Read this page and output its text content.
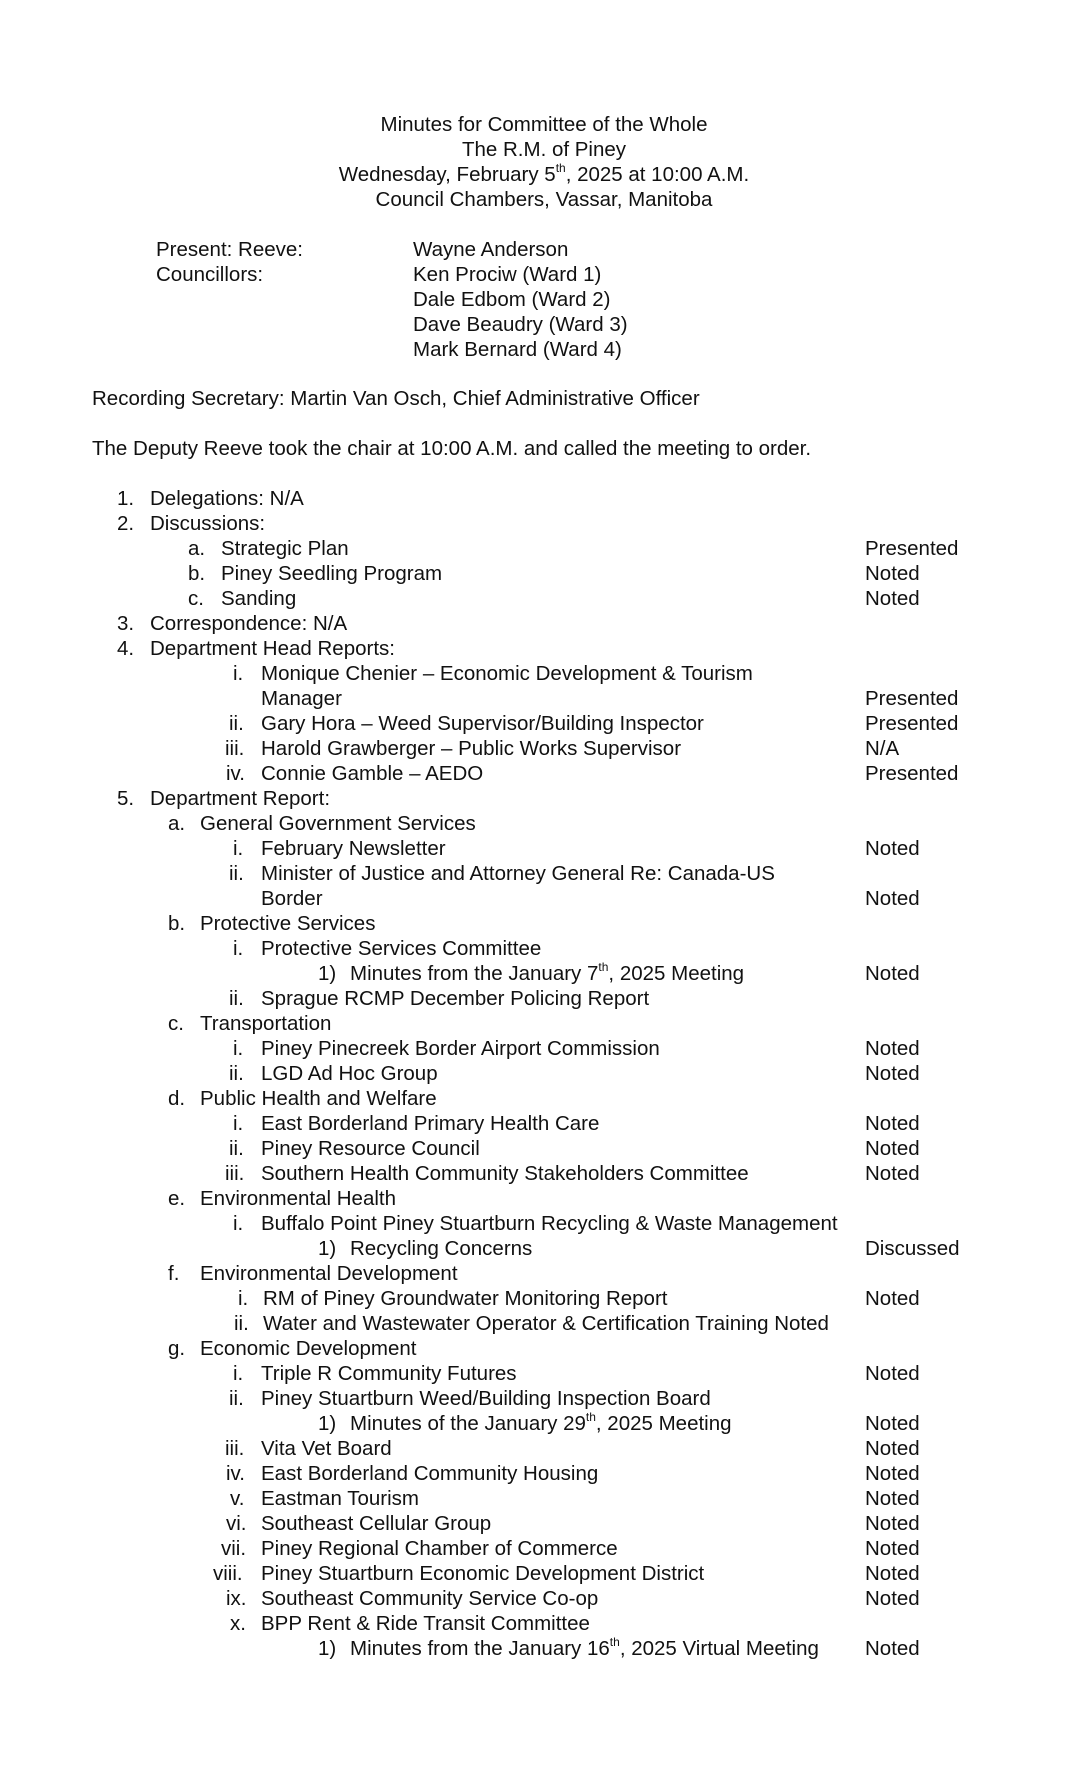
Minutes for Committee of the Whole
The R.M. of Piney
Wednesday, February 5th, 2025 at 10:00 A.M.
Council Chambers, Vassar, Manitoba
Present: Reeve:	Wayne Anderson
Councillors:	Ken Prociw (Ward 1)
Dale Edbom (Ward 2)
Dave Beaudry (Ward 3)
Mark Bernard (Ward 4)
Recording Secretary: Martin Van Osch, Chief Administrative Officer
The Deputy Reeve took the chair at 10:00 A.M. and called the meeting to order.
1. Delegations: N/A
2. Discussions:
a. Strategic Plan	Presented
b. Piney Seedling Program	Noted
c. Sanding	Noted
3. Correspondence: N/A
4. Department Head Reports:
i. Monique Chenier – Economic Development & Tourism
Manager	Presented
ii. Gary Hora – Weed Supervisor/Building Inspector	Presented
iii. Harold Grawberger – Public Works Supervisor	N/A
iv. Connie Gamble – AEDO	Presented
5. Department Report:
a. General Government Services
i. February Newsletter	Noted
ii. Minister of Justice and Attorney General Re: Canada-US
Border	Noted
b. Protective Services
i. Protective Services Committee
1) Minutes from the January 7th, 2025 Meeting	Noted
ii. Sprague RCMP December Policing Report
c. Transportation
i. Piney Pinecreek Border Airport Commission	Noted
ii. LGD Ad Hoc Group	Noted
d. Public Health and Welfare
i. East Borderland Primary Health Care	Noted
ii. Piney Resource Council	Noted
iii. Southern Health Community Stakeholders Committee	Noted
e. Environmental Health
i. Buffalo Point Piney Stuartburn Recycling & Waste Management
1) Recycling Concerns	Discussed
f. Environmental Development
i. RM of Piney Groundwater Monitoring Report	Noted
ii. Water and Wastewater Operator & Certification Training Noted
g. Economic Development
i. Triple R Community Futures	Noted
ii. Piney Stuartburn Weed/Building Inspection Board
1) Minutes of the January 29th, 2025 Meeting	Noted
iii. Vita Vet Board	Noted
iv. East Borderland Community Housing	Noted
v. Eastman Tourism	Noted
vi. Southeast Cellular Group	Noted
vii. Piney Regional Chamber of Commerce	Noted
viii. Piney Stuartburn Economic Development District	Noted
ix. Southeast Community Service Co-op	Noted
x. BPP Rent & Ride Transit Committee
1) Minutes from the January 16th, 2025 Virtual Meeting Noted
